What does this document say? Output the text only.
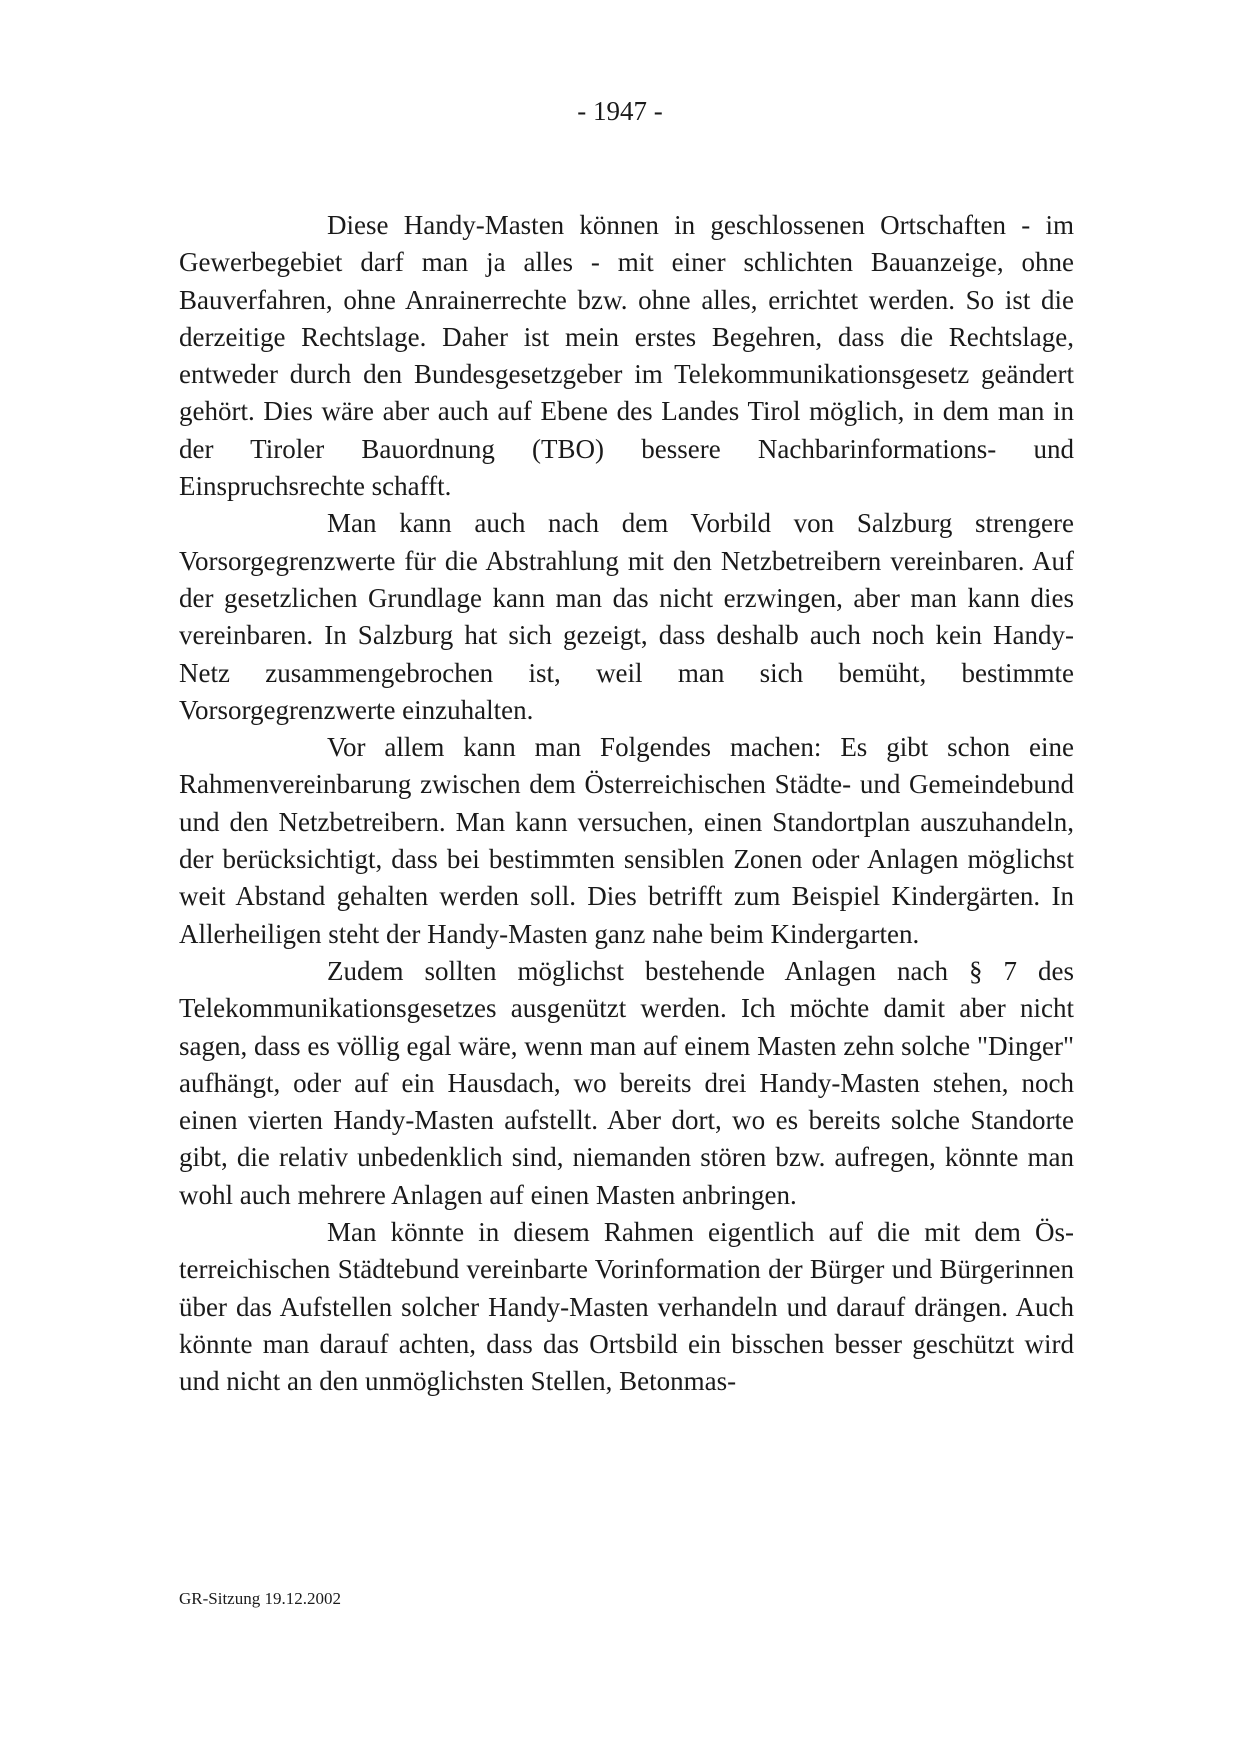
- 1947 -

Diese Handy-Masten können in geschlossenen Ortschaften - im Gewerbegebiet darf man ja alles - mit einer schlichten Bauanzeige, ohne Bauverfahren, ohne Anrainerrechte bzw. ohne alles, errichtet werden. So ist die derzeitige Rechtslage. Daher ist mein erstes Begehren, dass die Rechtslage, entweder durch den Bundesgesetzgeber im Telekommunikationsgesetz geändert gehört. Dies wäre aber auch auf Ebene des Landes Tirol möglich, in dem man in der Tiroler Bauordnung (TBO) bessere Nachbarinformations- und Einspruchsrechte schafft.

Man kann auch nach dem Vorbild von Salzburg strengere Vorsorgegrenzwerte für die Abstrahlung mit den Netzbetreibern vereinbaren. Auf der gesetzlichen Grundlage kann man das nicht erzwingen, aber man kann dies vereinbaren. In Salzburg hat sich gezeigt, dass deshalb auch noch kein Handy-Netz zusammengebrochen ist, weil man sich bemüht, bestimmte Vorsorgegrenzwerte einzuhalten.

Vor allem kann man Folgendes machen: Es gibt schon eine Rahmenvereinbarung zwischen dem Österreichischen Städte- und Gemeindebund und den Netzbetreibern. Man kann versuchen, einen Standortplan auszuhandeln, der berücksichtigt, dass bei bestimmten sensiblen Zonen oder Anlagen möglichst weit Abstand gehalten werden soll. Dies betrifft zum Beispiel Kindergärten. In Allerheiligen steht der Handy-Masten ganz nahe beim Kindergarten.

Zudem sollten möglichst bestehende Anlagen nach § 7 des Telekommunikationsgesetzes ausgenützt werden. Ich möchte damit aber nicht sagen, dass es völlig egal wäre, wenn man auf einem Masten zehn solche "Dinger" aufhängt, oder auf ein Hausdach, wo bereits drei Handy-Masten stehen, noch einen vierten Handy-Masten aufstellt. Aber dort, wo es bereits solche Standorte gibt, die relativ unbedenklich sind, niemanden stören bzw. aufregen, könnte man wohl auch mehrere Anlagen auf einen Masten anbringen.

Man könnte in diesem Rahmen eigentlich auf die mit dem Österreichischen Städtebund vereinbarte Vorinformation der Bürger und Bürgerinnen über das Aufstellen solcher Handy-Masten verhandeln und darauf drängen. Auch könnte man darauf achten, dass das Ortsbild ein bisschen besser geschützt wird und nicht an den unmöglichsten Stellen, Betonmas-

GR-Sitzung 19.12.2002
